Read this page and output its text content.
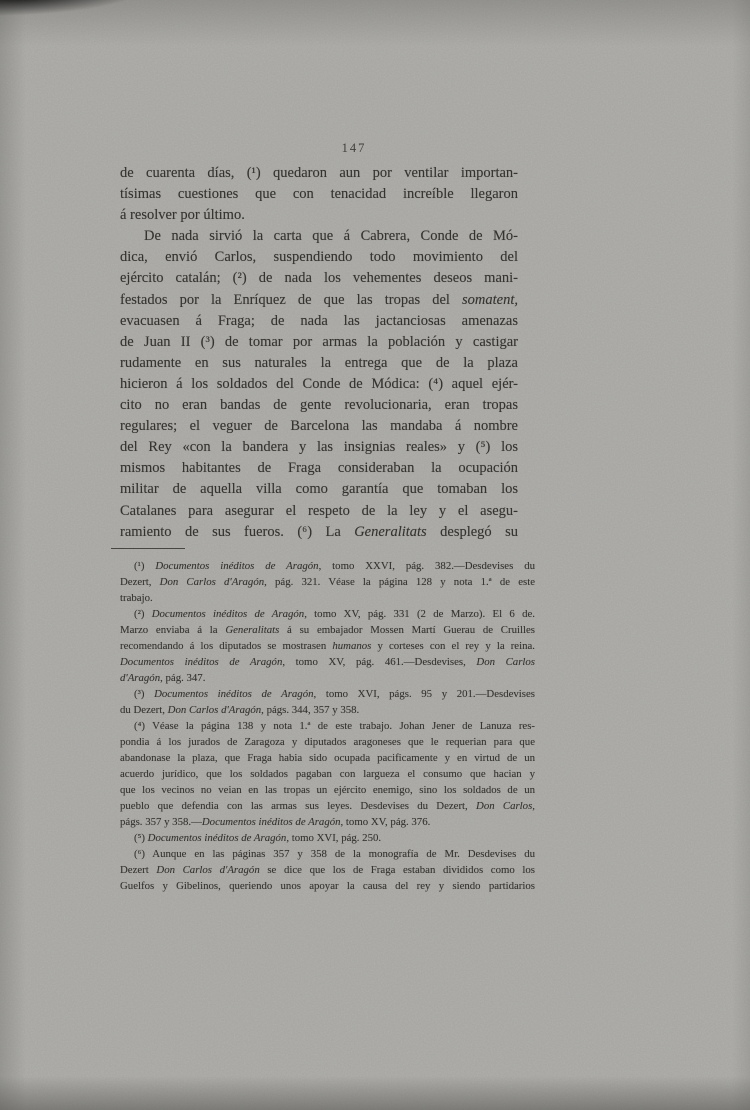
147
de cuarenta días, (¹) quedaron aun por ventilar importan-
tísimas cuestiones que con tenacidad increíble llegaron
á resolver por último.
De nada sirvió la carta que á Cabrera, Conde de Mó-
dica, envió Carlos, suspendiendo todo movimiento del
ejército catalán; (²) de nada los vehementes deseos mani-
festados por la Enríquez de que las tropas del somatent,
evacuasen á Fraga; de nada las jactanciosas amenazas
de Juan II (³) de tomar por armas la población y castigar
rudamente en sus naturales la entrega que de la plaza
hicieron á los soldados del Conde de Módica: (⁴) aquel ejér-
cito no eran bandas de gente revolucionaria, eran tropas
regulares; el veguer de Barcelona las mandaba á nombre
del Rey «con la bandera y las insignias reales» y (⁵) los
mismos habitantes de Fraga consideraban la ocupación
militar de aquella villa como garantía que tomaban los
Catalanes para asegurar el respeto de la ley y el asegu-
ramiento de sus fueros. (⁶) La Generalitats desplegó su
(¹) Documentos inéditos de Aragón, tomo XXVI, pág. 382.—Desdevises du
Dezert, Don Carlos d'Aragón, pág. 321. Véase la página 128 y nota 1.ª de este
trabajo.
(²) Documentos inéditos de Aragón, tomo XV, pág. 331 (2 de Marzo). El 6 de.
Marzo enviaba á la Generalitats á su embajador Mossen Martí Guerau de Cruilles
recomendando á los diputados se mostrasen humanos y corteses con el rey y la reina.
Documentos inéditos de Aragón, tomo XV, pág. 461.—Desdevises, Don Carlos
d'Aragón, pág. 347.
(³) Documentos inéditos de Aragón, tomo XVI, págs. 95 y 201.—Desdevises
du Dezert, Don Carlos d'Aragón, págs. 344, 357 y 358.
(⁴) Véase la página 138 y nota 1.ª de este trabajo. Johan Jener de Lanuza res-
pondia á los jurados de Zaragoza y diputados aragoneses que le requerian para que
abandonase la plaza, que Fraga habia sido ocupada pacificamente y en virtud de un
acuerdo jurídico, que los soldados pagaban con largueza el consumo que hacian y
que los vecinos no veian en las tropas un ejército enemigo, sino los soldados de un
pueblo que defendia con las armas sus leyes. Desdevises du Dezert, Don Carlos,
págs. 357 y 358.—Documentos inéditos de Aragón, tomo XV, pág. 376.
(⁵) Documentos inéditos de Aragón, tomo XVI, pág. 250.
(⁶) Aunque en las páginas 357 y 358 de la monografía de Mr. Desdevises du
Dezert Don Carlos d'Aragón se dice que los de Fraga estaban divididos como los
Guelfos y Gibelinos, queriendo unos apoyar la causa del rey y siendo partidarios
